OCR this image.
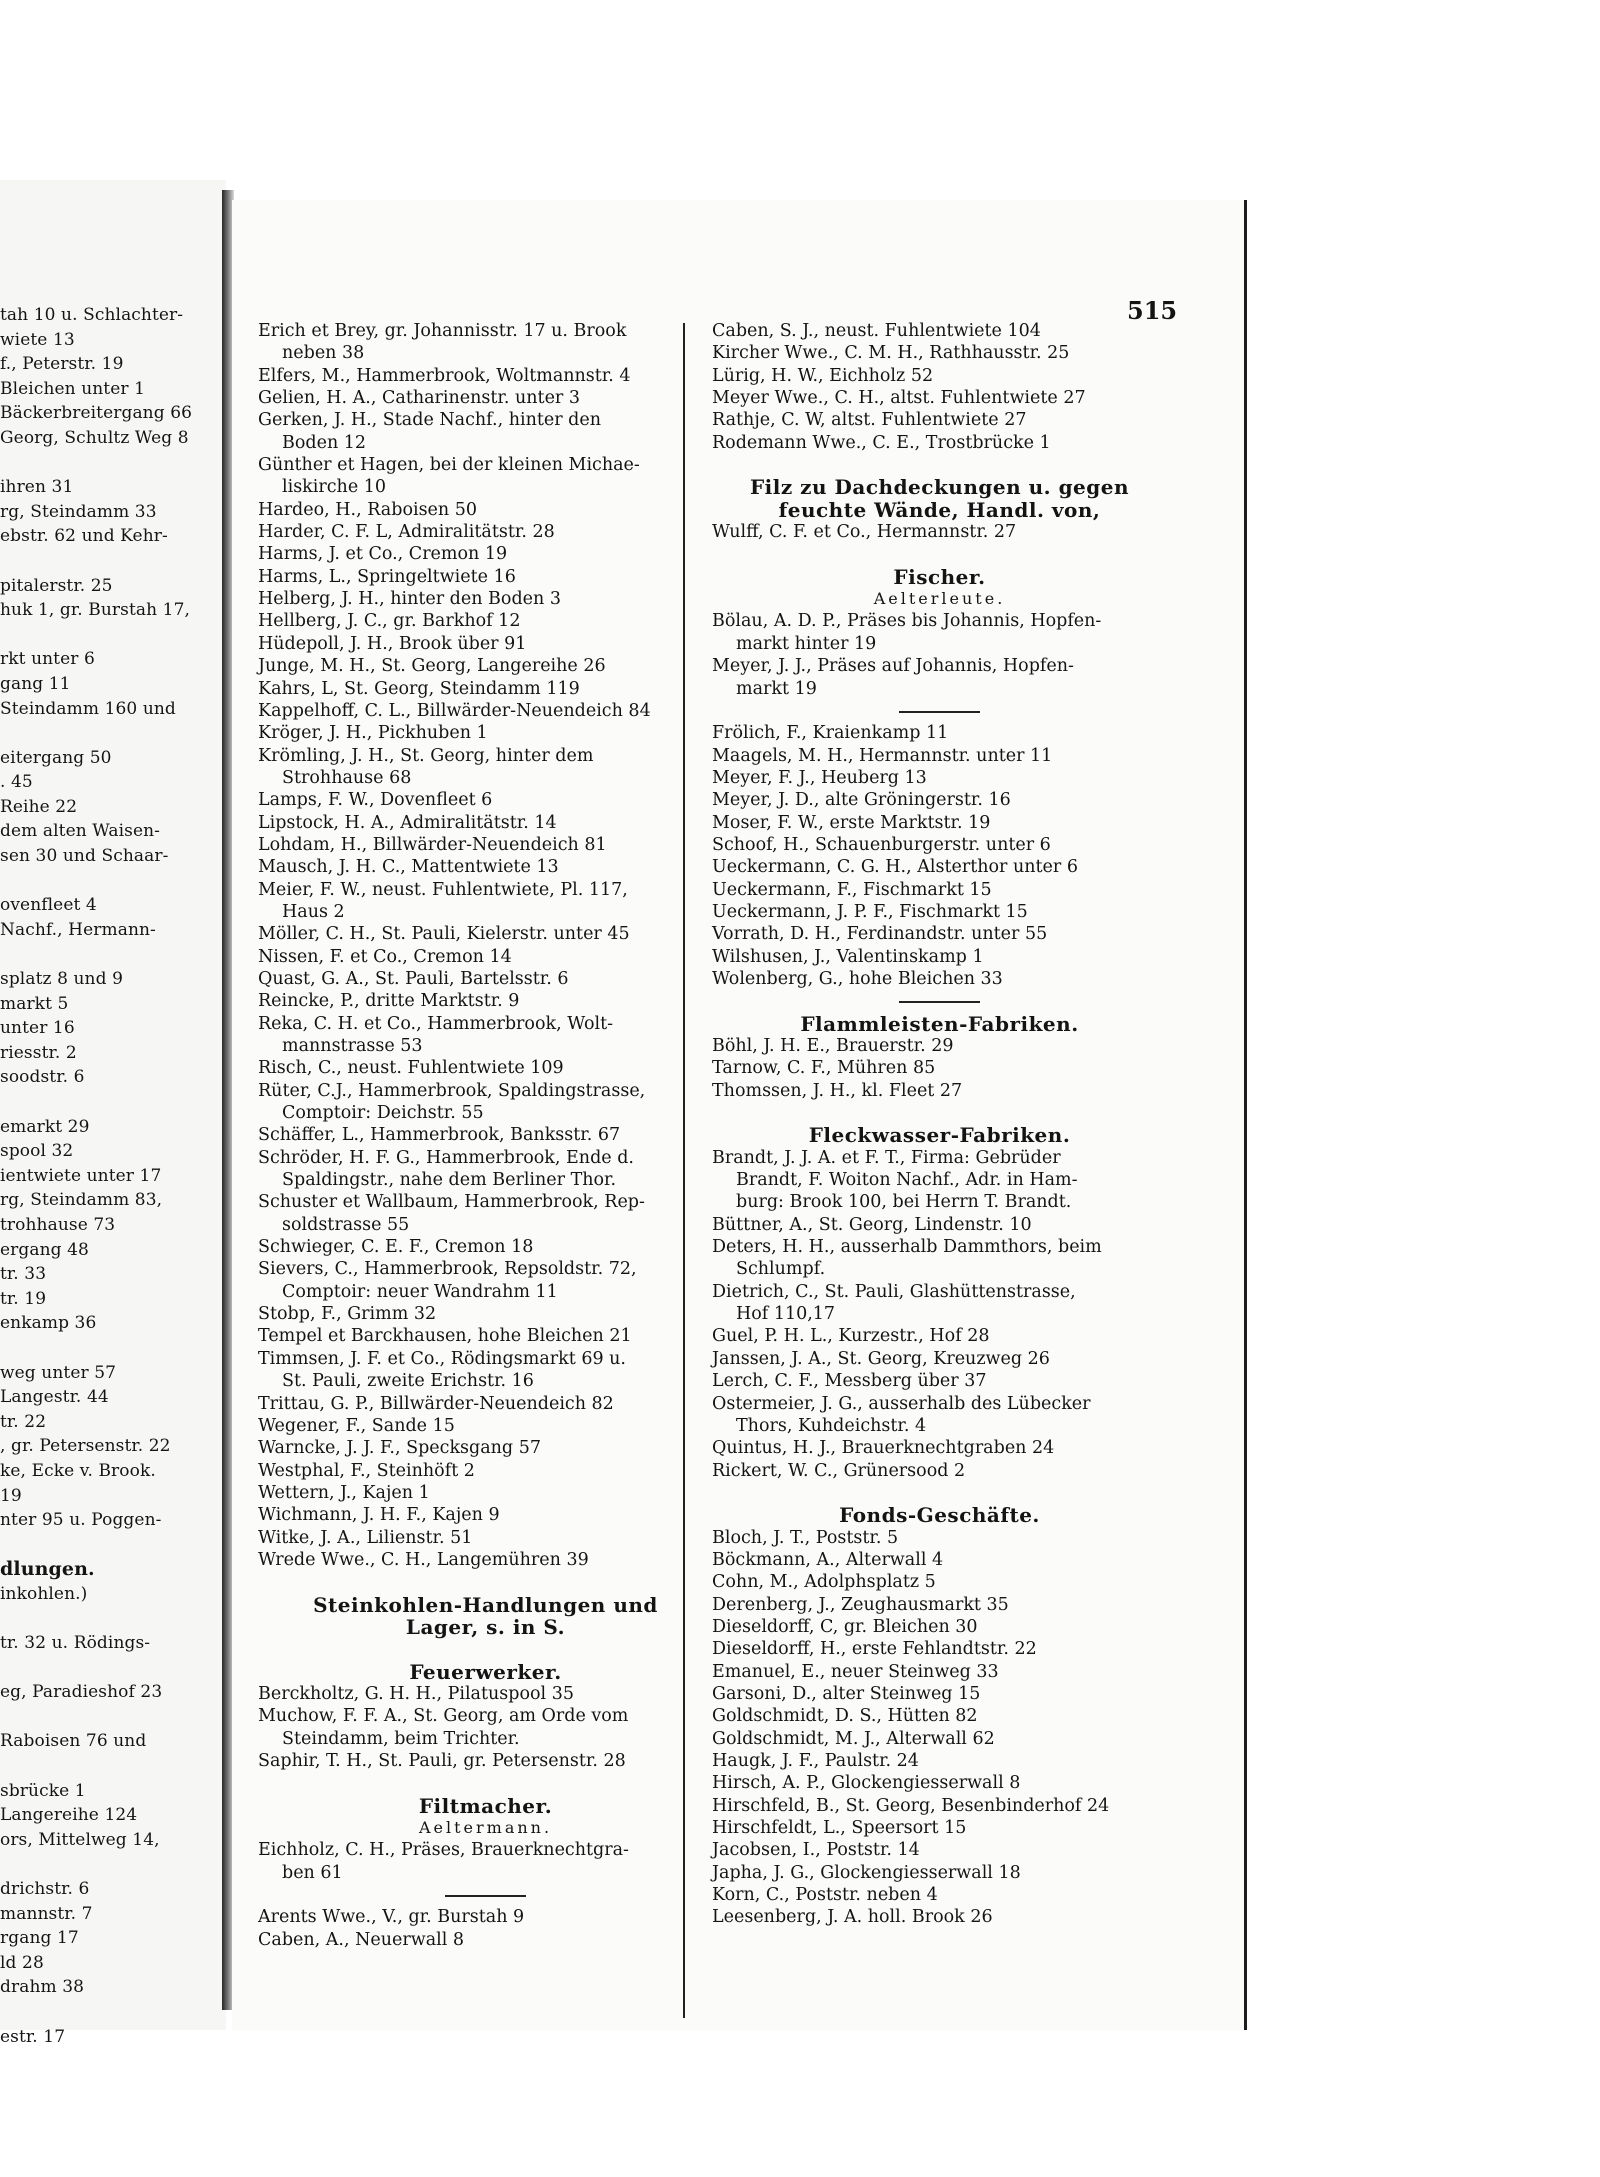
tah 10 u. Schlachter-
wiete 13
f., Peterstr. 19
Bleichen unter 1
Bäckerbreitergang 66
Georg, Schultz Weg 8
ihren 31
rg, Steindamm 33
ebstr. 62 und Kehr-
pitalerstr. 25
huk 1, gr. Burstah 17,
rkt unter 6
gang 11
Steindamm 160 und
eitergang 50
. 45
Reihe 22
dem alten Waisen-
sen 30 und Schaar-
ovenfleet 4
Nachf., Hermann-
splatz 8 und 9
markt 5
unter 16
riesstr. 2
soodstr. 6
emarkt 29
spool 32
ientwiete unter 17
rg, Steindamm 83,
trohhause 73
ergang 48
tr. 33
tr. 19
enkamp 36
weg unter 57
Langestr. 44
tr. 22
, gr. Petersenstr. 22
ke, Ecke v. Brook.
19
nter 95 u. Poggen-
dlungen.
inkohlen.)
tr. 32 u. Rödings-
eg, Paradieshof 23
Raboisen 76 und
sbrücke 1
Langereihe 124
ors, Mittelweg 14,
drichstr. 6
mannstr. 7
rgang 17
ld 28
drahm 38
estr. 17
515
Erich et Brey, gr. Johannisstr. 17 u. Brook
neben 38
Elfers, M., Hammerbrook, Woltmannstr. 4
Gelien, H. A., Catharinenstr. unter 3
Gerken, J. H., Stade Nachf., hinter den
Boden 12
Günther et Hagen, bei der kleinen Michae-
liskirche 10
Hardeo, H., Raboisen 50
Harder, C. F. L, Admiralitätstr. 28
Harms, J. et Co., Cremon 19
Harms, L., Springeltwiete 16
Helberg, J. H., hinter den Boden 3
Hellberg, J. C., gr. Barkhof 12
Hüdepoll, J. H., Brook über 91
Junge, M. H., St. Georg, Langereihe 26
Kahrs, L, St. Georg, Steindamm 119
Kappelhoff, C. L., Billwärder-Neuendeich 84
Kröger, J. H., Pickhuben 1
Krömling, J. H., St. Georg, hinter dem
Strohhause 68
Lamps, F. W., Dovenfleet 6
Lipstock, H. A., Admiralitätstr. 14
Lohdam, H., Billwärder-Neuendeich 81
Mausch, J. H. C., Mattentwiete 13
Meier, F. W., neust. Fuhlentwiete, Pl. 117,
Haus 2
Möller, C. H., St. Pauli, Kielerstr. unter 45
Nissen, F. et Co., Cremon 14
Quast, G. A., St. Pauli, Bartelsstr. 6
Reincke, P., dritte Marktstr. 9
Reka, C. H. et Co., Hammerbrook, Wolt-
mannstrasse 53
Risch, C., neust. Fuhlentwiete 109
Rüter, C.J., Hammerbrook, Spaldingstrasse,
Comptoir: Deichstr. 55
Schäffer, L., Hammerbrook, Banksstr. 67
Schröder, H. F. G., Hammerbrook, Ende d.
Spaldingstr., nahe dem Berliner Thor.
Schuster et Wallbaum, Hammerbrook, Rep-
soldstrasse 55
Schwieger, C. E. F., Cremon 18
Sievers, C., Hammerbrook, Repsoldstr. 72,
Comptoir: neuer Wandrahm 11
Stobp, F., Grimm 32
Tempel et Barckhausen, hohe Bleichen 21
Timmsen, J. F. et Co., Rödingsmarkt 69 u.
St. Pauli, zweite Erichstr. 16
Trittau, G. P., Billwärder-Neuendeich 82
Wegener, F., Sande 15
Warncke, J. J. F., Specksgang 57
Westphal, F., Steinhöft 2
Wettern, J., Kajen 1
Wichmann, J. H. F., Kajen 9
Witke, J. A., Lilienstr. 51
Wrede Wwe., C. H., Langemühren 39
Steinkohlen-Handlungen und
Lager, s. in S.
Feuerwerker.
Berckholtz, G. H. H., Pilatuspool 35
Muchow, F. F. A., St. Georg, am Orde vom
Steindamm, beim Trichter.
Saphir, T. H., St. Pauli, gr. Petersenstr. 28
Filtmacher.
Aeltermann.
Eichholz, C. H., Präses, Brauerknechtgra-
ben 61
Arents Wwe., V., gr. Burstah 9
Caben, A., Neuerwall 8
Caben, S. J., neust. Fuhlentwiete 104
Kircher Wwe., C. M. H., Rathhausstr. 25
Lürig, H. W., Eichholz 52
Meyer Wwe., C. H., altst. Fuhlentwiete 27
Rathje, C. W, altst. Fuhlentwiete 27
Rodemann Wwe., C. E., Trostbrücke 1
Filz zu Dachdeckungen u. gegen
feuchte Wände, Handl. von,
Wulff, C. F. et Co., Hermannstr. 27
Fischer.
Aelterleute.
Bölau, A. D. P., Präses bis Johannis, Hopfen-
markt hinter 19
Meyer, J. J., Präses auf Johannis, Hopfen-
markt 19
Frölich, F., Kraienkamp 11
Maagels, M. H., Hermannstr. unter 11
Meyer, F. J., Heuberg 13
Meyer, J. D., alte Gröningerstr. 16
Moser, F. W., erste Marktstr. 19
Schoof, H., Schauenburgerstr. unter 6
Ueckermann, C. G. H., Alsterthor unter 6
Ueckermann, F., Fischmarkt 15
Ueckermann, J. P. F., Fischmarkt 15
Vorrath, D. H., Ferdinandstr. unter 55
Wilshusen, J., Valentinskamp 1
Wolenberg, G., hohe Bleichen 33
Flammleisten-Fabriken.
Böhl, J. H. E., Brauerstr. 29
Tarnow, C. F., Mühren 85
Thomssen, J. H., kl. Fleet 27
Fleckwasser-Fabriken.
Brandt, J. J. A. et F. T., Firma: Gebrüder
Brandt, F. Woiton Nachf., Adr. in Ham-
burg: Brook 100, bei Herrn T. Brandt.
Büttner, A., St. Georg, Lindenstr. 10
Deters, H. H., ausserhalb Dammthors, beim
Schlumpf.
Dietrich, C., St. Pauli, Glashüttenstrasse,
Hof 110,17
Guel, P. H. L., Kurzestr., Hof 28
Janssen, J. A., St. Georg, Kreuzweg 26
Lerch, C. F., Messberg über 37
Ostermeier, J. G., ausserhalb des Lübecker
Thors, Kuhdeichstr. 4
Quintus, H. J., Brauerknechtgraben 24
Rickert, W. C., Grünersood 2
Fonds-Geschäfte.
Bloch, J. T., Poststr. 5
Böckmann, A., Alterwall 4
Cohn, M., Adolphsplatz 5
Derenberg, J., Zeughausmarkt 35
Dieseldorff, C, gr. Bleichen 30
Dieseldorff, H., erste Fehlandtstr. 22
Emanuel, E., neuer Steinweg 33
Garsoni, D., alter Steinweg 15
Goldschmidt, D. S., Hütten 82
Goldschmidt, M. J., Alterwall 62
Haugk, J. F., Paulstr. 24
Hirsch, A. P., Glockengiesserwall 8
Hirschfeld, B., St. Georg, Besenbinderhof 24
Hirschfeldt, L., Speersort 15
Jacobsen, I., Poststr. 14
Japha, J. G., Glockengiesserwall 18
Korn, C., Poststr. neben 4
Leesenberg, J. A. holl. Brook 26
